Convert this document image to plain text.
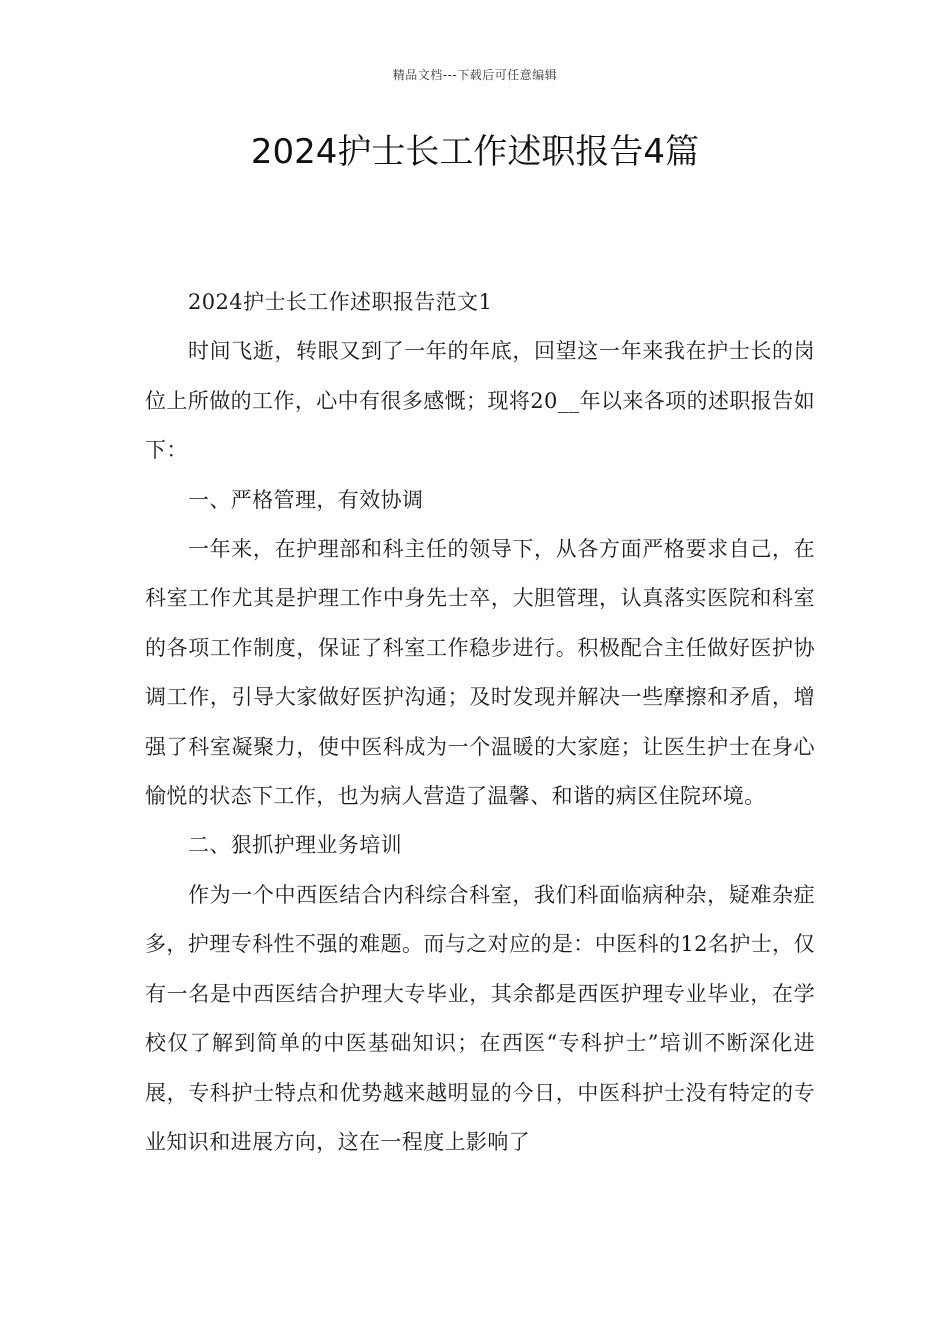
精品文档---下载后可任意编辑
2024护士长工作述职报告4篇

2024护士长工作述职报告范文1

时间飞逝，转眼又到了一年的年底，回望这一年来我在护士长的岗位上所做的工作，心中有很多感慨；现将20__年以来各项的述职报告如下：

一、严格管理，有效协调

一年来，在护理部和科主任的领导下，从各方面严格要求自己，在科室工作尤其是护理工作中身先士卒，大胆管理，认真落实医院和科室的各项工作制度，保证了科室工作稳步进行。积极配合主任做好医护协调工作，引导大家做好医护沟通；及时发现并解决一些摩擦和矛盾，增强了科室凝聚力，使中医科成为一个温暖的大家庭；让医生护士在身心愉悦的状态下工作，也为病人营造了温馨、和谐的病区住院环境。

二、狠抓护理业务培训

作为一个中西医结合内科综合科室，我们科面临病种杂，疑难杂症多，护理专科性不强的难题。而与之对应的是：中医科的12名护士，仅有一名是中西医结合护理大专毕业，其余都是西医护理专业毕业，在学校仅了解到简单的中医基础知识；在西医“专科护士”培训不断深化进展，专科护士特点和优势越来越明显的今日，中医科护士没有特定的专业知识和进展方向，这在一程度上影响了
